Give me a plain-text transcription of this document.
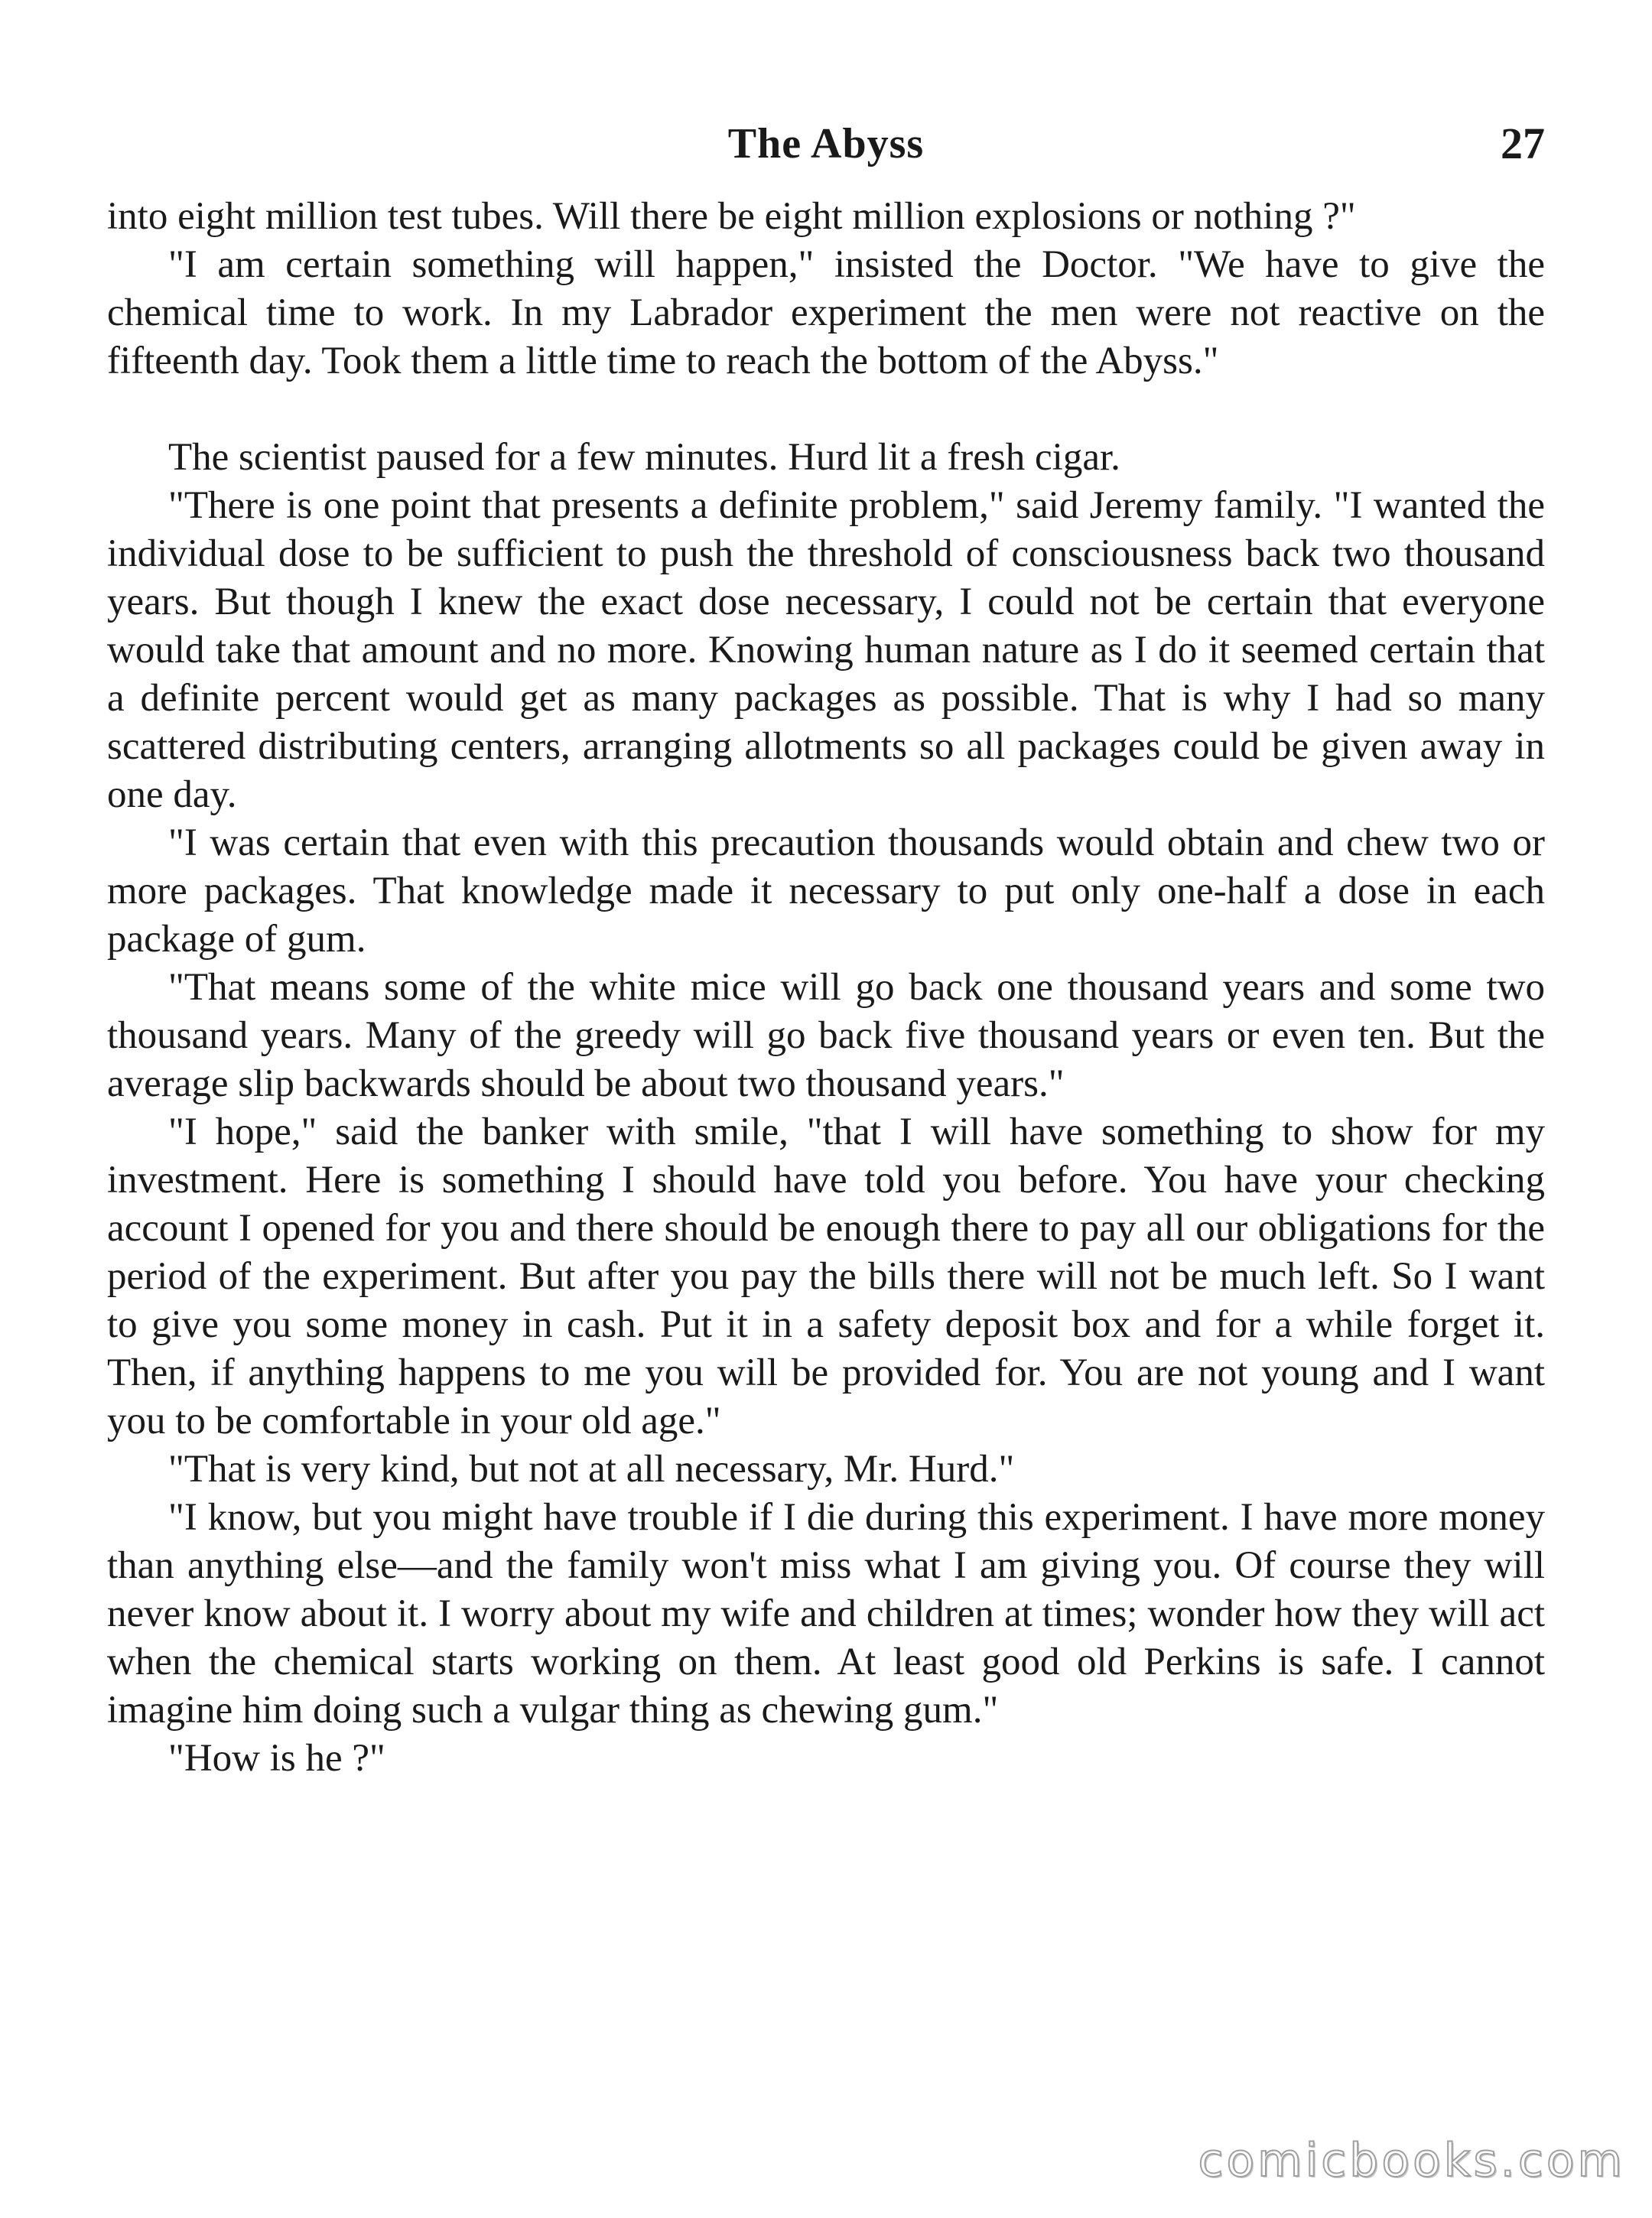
The Abyss	27

into eight million test tubes. Will there be eight million explosions or nothing ?"

"I am certain something will happen," insisted the Doctor. "We have to give the chemical time to work. In my Labrador experiment the men were not reactive on the fifteenth day. Took them a little time to reach the bottom of the Abyss."

The scientist paused for a few minutes. Hurd lit a fresh cigar.

"There is one point that presents a definite problem," said Jeremy family. "I wanted the individual dose to be sufficient to push the threshold of consciousness back two thousand years. But though I knew the exact dose necessary, I could not be certain that everyone would take that amount and no more. Knowing human nature as I do it seemed certain that a definite percent would get as many packages as possible. That is why I had so many scattered distributing centers, arranging allotments so all packages could be given away in one day.

"I was certain that even with this precaution thousands would obtain and chew two or more packages. That knowledge made it necessary to put only one-half a dose in each package of gum.

"That means some of the white mice will go back one thousand years and some two thousand years. Many of the greedy will go back five thousand years or even ten. But the average slip backwards should be about two thousand years."

"I hope," said the banker with smile, "that I will have something to show for my investment. Here is something I should have told you before. You have your checking account I opened for you and there should be enough there to pay all our obligations for the period of the experiment. But after you pay the bills there will not be much left. So I want to give you some money in cash. Put it in a safety deposit box and for a while forget it. Then, if anything happens to me you will be provided for. You are not young and I want you to be comfortable in your old age."

"That is very kind, but not at all necessary, Mr. Hurd."

"I know, but you might have trouble if I die during this experiment. I have more money than anything else—and the family won't miss what I am giving you. Of course they will never know about it. I worry about my wife and children at times; wonder how they will act when the chemical starts working on them. At least good old Perkins is safe. I cannot imagine him doing such a vulgar thing as chewing gum."

"How is he ?"

comicbooks.com
